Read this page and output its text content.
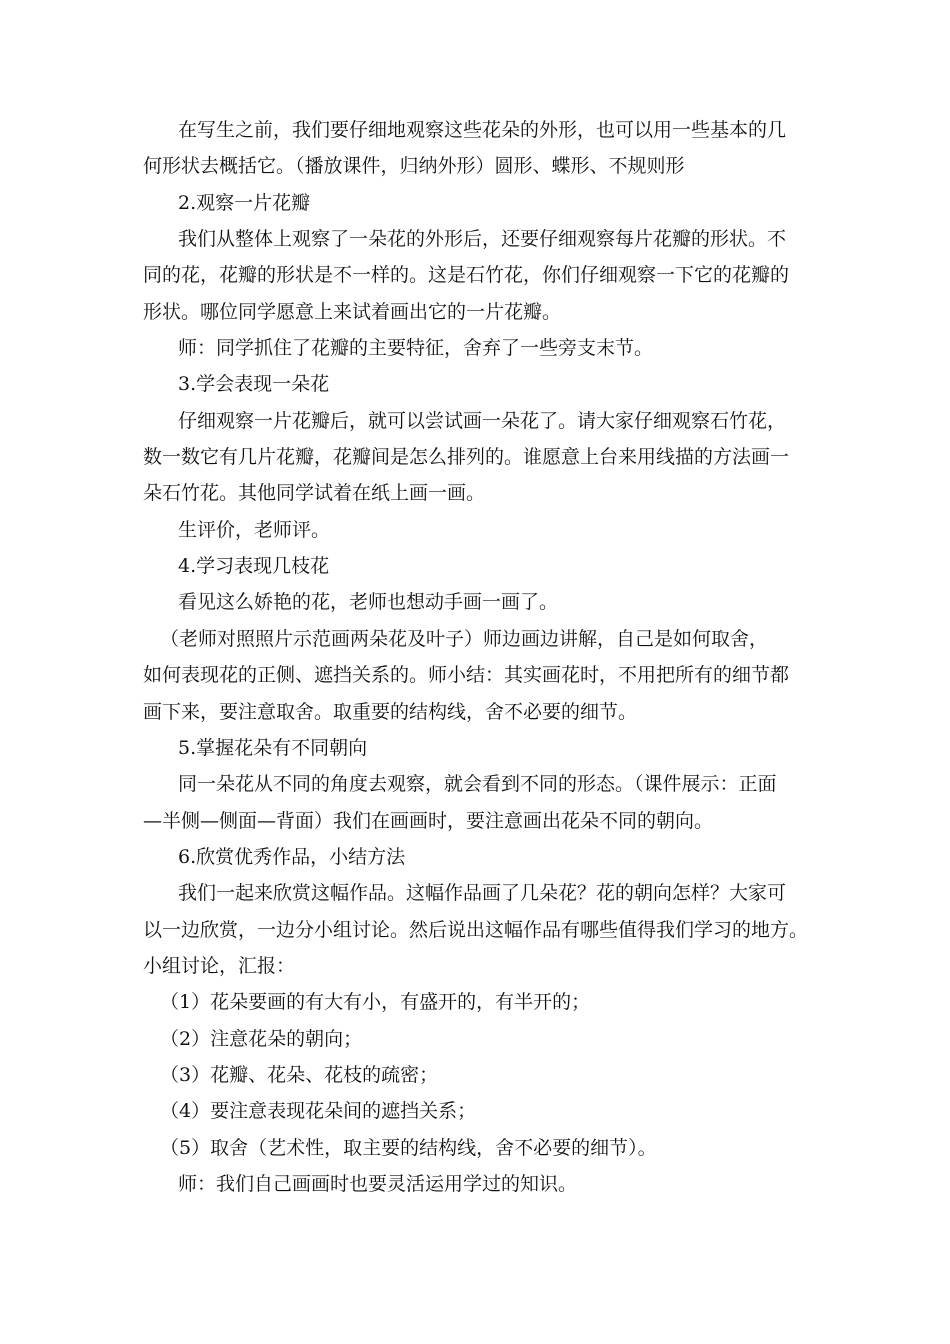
在写生之前，我们要仔细地观察这些花朵的外形，也可以用一些基本的几
何形状去概括它。（播放课件，归纳外形）圆形、蝶形、不规则形
2.观察一片花瓣
我们从整体上观察了一朵花的外形后，还要仔细观察每片花瓣的形状。不
同的花，花瓣的形状是不一样的。这是石竹花，你们仔细观察一下它的花瓣的
形状。哪位同学愿意上来试着画出它的一片花瓣。
师：同学抓住了花瓣的主要特征，舍弃了一些旁支末节。
3.学会表现一朵花
仔细观察一片花瓣后，就可以尝试画一朵花了。请大家仔细观察石竹花，
数一数它有几片花瓣，花瓣间是怎么排列的。谁愿意上台来用线描的方法画一
朵石竹花。其他同学试着在纸上画一画。
生评价，老师评。
4.学习表现几枝花
看见这么娇艳的花，老师也想动手画一画了。
（老师对照照片示范画两朵花及叶子）师边画边讲解，自己是如何取舍，
如何表现花的正侧、遮挡关系的。师小结：其实画花时，不用把所有的细节都
画下来，要注意取舍。取重要的结构线，舍不必要的细节。
5.掌握花朵有不同朝向
同一朵花从不同的角度去观察，就会看到不同的形态。（课件展示：正面
—半侧—侧面—背面）我们在画画时，要注意画出花朵不同的朝向。
6.欣赏优秀作品，小结方法
我们一起来欣赏这幅作品。这幅作品画了几朵花？花的朝向怎样？大家可
以一边欣赏，一边分小组讨论。然后说出这幅作品有哪些值得我们学习的地方。
小组讨论，汇报：
（1）花朵要画的有大有小，有盛开的，有半开的；
（2）注意花朵的朝向；
（3）花瓣、花朵、花枝的疏密；
（4）要注意表现花朵间的遮挡关系；
（5）取舍（艺术性，取主要的结构线，舍不必要的细节）。
师：我们自己画画时也要灵活运用学过的知识。
